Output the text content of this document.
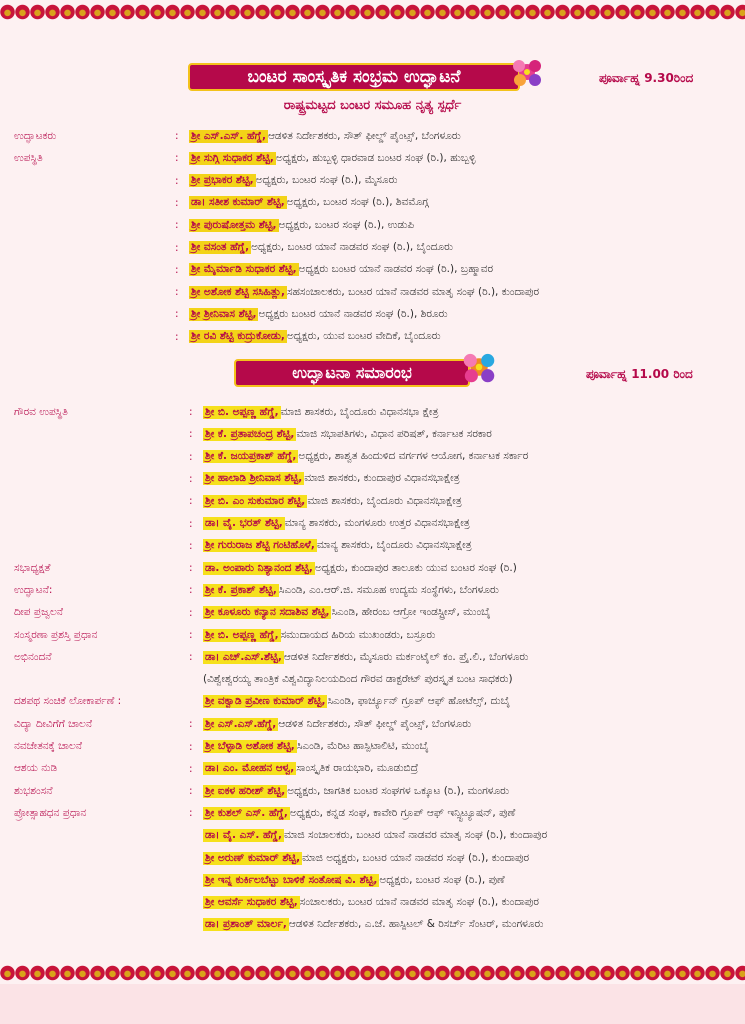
ಬಂಟರ ಸಾಂಸ್ಕೃತಿಕ ಸಂಭ್ರಮ ಉದ್ಘಾಟನೆ	ಪೂರ್ವಾಹ್ನ 9.30ರಿಂದ
ರಾಷ್ಟ್ರಮಟ್ಟದ ಬಂಟರ ಸಮೂಹ ನೃತ್ಯ ಸ್ಪರ್ಧೆ
ಉದ್ಘಾಟಕರು	:	ಶ್ರೀ ಎಸ್.ಎಸ್. ಹೆಗ್ಡೆ, ಆಡಳಿತ ನಿರ್ದೇಶಕರು, ಸೌತ್ ಫೀಲ್ಡ್ ಪೈಂಟ್ಸ್, ಬೆಂಗಳೂರು
ಉಪಸ್ಥಿತಿ	:	ಶ್ರೀ ಸುಗ್ಗಿ ಸುಧಾಕರ ಶೆಟ್ಟಿ, ಅಧ್ಯಕ್ಷರು, ಹುಬ್ಬಳ್ಳಿ ಧಾರವಾಡ ಬಂಟರ ಸಂಘ (ರಿ.), ಹುಬ್ಬಳ್ಳಿ
:	ಶ್ರೀ ಪ್ರಭಾಕರ ಶೆಟ್ಟಿ, ಅಧ್ಯಕ್ಷರು, ಬಂಟರ ಸಂಘ (ರಿ.), ಮೈಸೂರು
:	ಡಾ। ಸತೀಶ ಕುಮಾರ್ ಶೆಟ್ಟಿ, ಅಧ್ಯಕ್ಷರು, ಬಂಟರ ಸಂಘ (ರಿ.), ಶಿವಮೊಗ್ಗ
:	ಶ್ರೀ ಪುರುಷೋತ್ತಮ ಶೆಟ್ಟಿ, ಅಧ್ಯಕ್ಷರು, ಬಂಟರ ಸಂಘ (ರಿ.), ಉಡುಪಿ
:	ಶ್ರೀ ವಸಂತ ಹೆಗ್ಡೆ, ಅಧ್ಯಕ್ಷರು, ಬಂಟರ ಯಾನೆ ನಾಡವರ ಸಂಘ (ರಿ.), ಬೈಂದೂರು
:	ಶ್ರೀ ಮೈರ್ಮಾಡಿ ಸುಧಾಕರ ಶೆಟ್ಟಿ, ಅಧ್ಯಕ್ಷರು ಬಂಟರ ಯಾನೆ ನಾಡವರ ಸಂಘ (ರಿ.), ಬ್ರಹ್ಮಾವರ
:	ಶ್ರೀ ಅಶೋಕ ಶೆಟ್ಟಿ ಸಸಿಹಿತ್ಲು, ಸಹಸಂಚಾಲಕರು, ಬಂಟರ ಯಾನೆ ನಾಡವರ ಮಾತೃ ಸಂಘ (ರಿ.), ಕುಂದಾಪುರ
:	ಶ್ರೀ ಶ್ರೀನಿವಾಸ ಶೆಟ್ಟಿ, ಅಧ್ಯಕ್ಷರು ಬಂಟರ ಯಾನೆ ನಾಡವರ ಸಂಘ (ರಿ.), ಶಿರೂರು
:	ಶ್ರೀ ರವಿ ಶೆಟ್ಟಿ ಕುದ್ರುಕೋಡು, ಅಧ್ಯಕ್ಷರು, ಯುವ ಬಂಟರ ವೇದಿಕೆ, ಬೈಂದೂರು
ಉದ್ಘಾಟನಾ ಸಮಾರಂಭ	ಪೂರ್ವಾಹ್ನ 11.00 ರಿಂದ
ಗೌರವ ಉಪಸ್ಥಿತಿ	:	ಶ್ರೀ ಬಿ. ಅಪ್ಪಣ್ಣ ಹೆಗ್ಡೆ, ಮಾಜಿ ಶಾಸಕರು, ಬೈಂದೂರು ವಿಧಾನಸಭಾ ಕ್ಷೇತ್ರ
:	ಶ್ರೀ ಕೆ. ಪ್ರತಾಪಚಂದ್ರ ಶೆಟ್ಟಿ, ಮಾಜಿ ಸಭಾಪತಿಗಳು, ವಿಧಾನ ಪರಿಷತ್, ಕರ್ನಾಟಕ ಸರಕಾರ
:	ಶ್ರೀ ಕೆ. ಜಯಪ್ರಕಾಶ್ ಹೆಗ್ಡೆ, ಅಧ್ಯಕ್ಷರು, ಶಾಶ್ವತ ಹಿಂದುಳಿದ ವರ್ಗಗಳ ಆಯೋಗ, ಕರ್ನಾಟಕ ಸರ್ಕಾರ
:	ಶ್ರೀ ಹಾಲಾಡಿ ಶ್ರೀನಿವಾಸ ಶೆಟ್ಟಿ, ಮಾಜಿ ಶಾಸಕರು, ಕುಂದಾಪುರ ವಿಧಾನಸಭಾಕ್ಷೇತ್ರ
:	ಶ್ರೀ ಬಿ. ಎಂ ಸುಕುಮಾರ ಶೆಟ್ಟಿ, ಮಾಜಿ ಶಾಸಕರು, ಬೈಂದೂರು ವಿಧಾನಸಭಾಕ್ಷೇತ್ರ
:	ಡಾ। ವೈ. ಭರತ್ ಶೆಟ್ಟಿ, ಮಾನ್ಯ ಶಾಸಕರು, ಮಂಗಳೂರು ಉತ್ತರ ವಿಧಾನಸಭಾಕ್ಷೇತ್ರ
:	ಶ್ರೀ ಗುರುರಾಜ ಶೆಟ್ಟಿ ಗಂಟಿಹೊಳೆ, ಮಾನ್ಯ ಶಾಸಕರು, ಬೈಂದೂರು ವಿಧಾನಸಭಾಕ್ಷೇತ್ರ
ಸಭಾಧ್ಯಕ್ಷತೆ	:	ಡಾ. ಅಂಪಾರು ನಿತ್ಯಾನಂದ ಶೆಟ್ಟಿ, ಅಧ್ಯಕ್ಷರು, ಕುಂದಾಪುರ ತಾಲೂಕು ಯುವ ಬಂಟರ ಸಂಘ (ರಿ.)
ಉದ್ಘಾಟನೆ:	:	ಶ್ರೀ ಕೆ. ಪ್ರಕಾಶ್ ಶೆಟ್ಟಿ, ಸಿಎಂಡಿ, ಎಂ.ಆರ್.ಜಿ. ಸಮೂಹ ಉದ್ಯಮ ಸಂಸ್ಥೆಗಳು, ಬೆಂಗಳೂರು
ದೀಪ ಪ್ರಜ್ವಲನೆ	:	ಶ್ರೀ ಕೂಳೂರು ಕನ್ಯಾನ ಸದಾಶಿವ ಶೆಟ್ಟಿ, ಸಿಎಂಡಿ, ಹೇರಂಬ ಆಗ್ರೋ ಇಂಡಸ್ಟ್ರೀಸ್, ಮುಂಬೈ
ಸಂಸ್ಮರಣಾ ಪ್ರಶಸ್ತಿ ಪ್ರಧಾನ	:	ಶ್ರೀ ಬಿ. ಅಪ್ಪಣ್ಣ ಹೆಗ್ಡೆ, ಸಮುದಾಯದ ಹಿರಿಯ ಮುಖಂಡರು, ಬಸ್ರೂರು
ಅಭಿನಂದನೆ	:	ಡಾ। ಎಚ್.ಎಸ್.ಶೆಟ್ಟಿ, ಆಡಳಿತ ನಿರ್ದೇಶಕರು, ಮೈಸೂರು ಮರ್ಕಂಟೈಲ್ ಕಂ. ಪ್ರೈ.ಲಿ., ಬೆಂಗಳೂರು
(ವಿಶ್ವೇಶ್ವರಯ್ಯ ತಾಂತ್ರಿಕ ವಿಶ್ವವಿದ್ಯಾನಿಲಯದಿಂದ ಗೌರವ ಡಾಕ್ಟರೇಟ್ ಪುರಸ್ಕೃತ ಬಂಟ ಸಾಧಕರು)
ದಶಪಥ ಸಂಚಿಕೆ ಲೋಕಾರ್ಪಣೆ :	ಶ್ರೀ ವಕ್ವಾಡಿ ಪ್ರವೀಣ ಕುಮಾರ್ ಶೆಟ್ಟಿ, ಸಿಎಂಡಿ, ಫಾರ್ಚ್ಯೂನ್ ಗ್ರೂಪ್ ಆಫ್ ಹೋಟೆಲ್ಸ್, ದುಬೈ
ವಿದ್ಯಾ ದೀವಿಗೆಗೆ ಚಾಲನೆ	:	ಶ್ರೀ ಎಸ್.ಎಸ್.ಹೆಗ್ಡೆ, ಆಡಳಿತ ನಿರ್ದೇಶಕರು, ಸೌತ್ ಫೀಲ್ಡ್ ಪೈಂಟ್ಸ್, ಬೆಂಗಳೂರು
ನವಚೇತನಕ್ಕೆ ಚಾಲನೆ	:	ಶ್ರೀ ಬೆಳ್ಳಾಡಿ ಅಶೋಕ ಶೆಟ್ಟಿ, ಸಿಎಂಡಿ, ಮೆರಿಟ ಹಾಸ್ಪಿಟಾಲಿಟಿ, ಮುಂಬೈ
ಆಶಯ ನುಡಿ	:	ಡಾ। ಎಂ. ಮೋಹನ ಆಳ್ವ, ಸಾಂಸ್ಕೃತಿಕ ರಾಯಭಾರಿ, ಮೂಡುಬಿದ್ರೆ
ಶುಭಶಂಸನೆ	:	ಶ್ರೀ ಐಕಳ ಹರೀಶ್ ಶೆಟ್ಟಿ, ಅಧ್ಯಕ್ಷರು, ಜಾಗತಿಕ ಬಂಟರ ಸಂಘಗಳ ಒಕ್ಕೂಟ (ರಿ.), ಮಂಗಳೂರು
ಪ್ರೋತ್ಸಾಹಧನ ಪ್ರಧಾನ	:	ಶ್ರೀ ಕುಶಲ್ ಎಸ್. ಹೆಗ್ಡೆ, ಅಧ್ಯಕ್ಷರು, ಕನ್ನಡ ಸಂಘ, ಕಾವೇರಿ ಗ್ರೂಪ್ ಆಫ್ ಇನ್ಸ್ಟಿಟ್ಯೂಷನ್, ಪುಣೆ
ಡಾ। ವೈ. ಎಸ್. ಹೆಗ್ಡೆ, ಮಾಜಿ ಸಂಚಾಲಕರು, ಬಂಟರ ಯಾನೆ ನಾಡವರ ಮಾತೃ ಸಂಘ (ರಿ.), ಕುಂದಾಪುರ
ಶ್ರೀ ಅರುಣ್ ಕುಮಾರ್ ಶೆಟ್ಟಿ, ಮಾಜಿ ಅಧ್ಯಕ್ಷರು, ಬಂಟರ ಯಾನೆ ನಾಡವರ ಸಂಘ (ರಿ.), ಕುಂದಾಪುರ
ಶ್ರೀ ಇನ್ನ ಕುರ್ಕಿಲಬೆಟ್ಟು ಬಾಳಿಕೆ ಸಂತೋಷ ವಿ. ಶೆಟ್ಟಿ, ಅಧ್ಯಕ್ಷರು, ಬಂಟರ ಸಂಘ (ರಿ.), ಪುಣೆ
ಶ್ರೀ ಆವರ್ಸೆ ಸುಧಾಕರ ಶೆಟ್ಟಿ, ಸಂಚಾಲಕರು, ಬಂಟರ ಯಾನೆ ನಾಡವರ ಮಾತೃ ಸಂಘ (ರಿ.), ಕುಂದಾಪುರ
ಡಾ। ಪ್ರಶಾಂತ್ ಮಾರ್ಲ, ಆಡಳಿತ ನಿರ್ದೇಶಕರು, ಎ.ಜೆ. ಹಾಸ್ಪಿಟಲ್ & ರಿಸರ್ಚ್ ಸೆಂಟರ್, ಮಂಗಳೂರು
